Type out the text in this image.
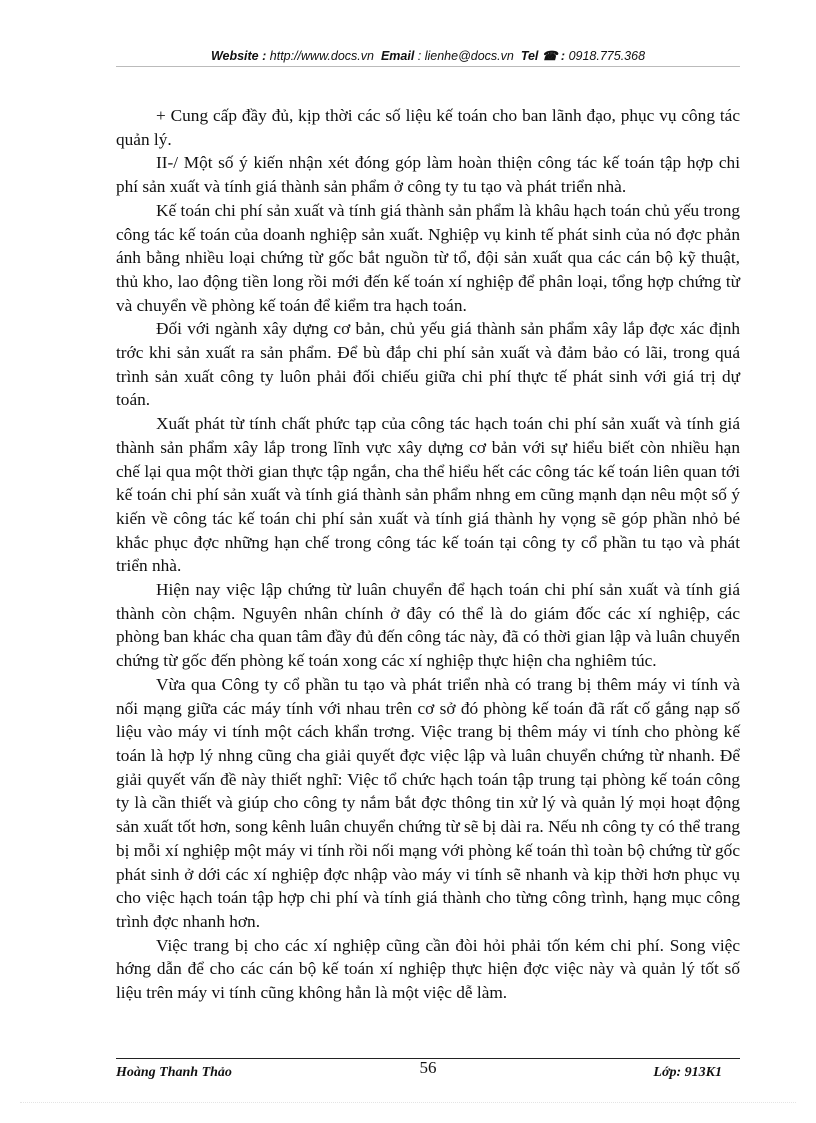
Website : http://www.docs.vn Email : lienhe@docs.vn Tel ☎ : 0918.775.368

+ Cung cấp đầy đủ, kịp thời các số liệu kế toán cho ban lãnh đạo, phục vụ công tác quản lý.

II-/ Một số ý kiến nhận xét đóng góp làm hoàn thiện công tác kế toán tập hợp chi phí sản xuất và tính giá thành sản phẩm ở công ty tu tạo và phát triển nhà.

Kế toán chi phí sản xuất và tính giá thành sản phẩm là khâu hạch toán chủ yếu trong công tác kế toán của doanh nghiệp sản xuất. Nghiệp vụ kinh tế phát sinh của nó đợc phản ánh bằng nhiều loại chứng từ gốc bắt nguồn từ tổ, đội sản xuất qua các cán bộ kỹ thuật, thủ kho, lao động tiền long rồi mới đến kế toán xí nghiệp để phân loại, tổng hợp chứng từ và chuyển về phòng kế toán để kiểm tra hạch toán.

Đối với ngành xây dựng cơ bản, chủ yếu giá thành sản phẩm xây lắp đợc xác định trớc khi sản xuất ra sản phẩm. Để bù đắp chi phí sản xuất và đảm bảo có lãi, trong quá trình sản xuất công ty luôn phải đối chiếu giữa chi phí thực tế phát sinh với giá trị dự toán.

Xuất phát từ tính chất phức tạp của công tác hạch toán chi phí sản xuất và tính giá thành sản phẩm xây lắp trong lĩnh vực xây dựng cơ bản với sự hiểu biết còn nhiều hạn chế lại qua một thời gian thực tập ngắn, cha thể hiểu hết các công tác kế toán liên quan tới kế toán chi phí sản xuất và tính giá thành sản phẩm nhng em cũng mạnh dạn nêu một số ý kiến về công tác kế toán chi phí sản xuất và tính giá thành hy vọng sẽ góp phần nhỏ bé khắc phục đợc những hạn chế trong công tác kế toán tại công ty cổ phần tu tạo và phát triển nhà.

Hiện nay việc lập chứng từ luân chuyển để hạch toán chi phí sản xuất và tính giá thành còn chậm. Nguyên nhân chính ở đây có thể là do giám đốc các xí nghiệp, các phòng ban khác cha quan tâm đầy đủ đến công tác này, đã có thời gian lập và luân chuyển chứng từ gốc đến phòng kế toán xong các xí nghiệp thực hiện cha nghiêm túc.

Vừa qua Công ty cổ phần tu tạo và phát triển nhà có trang bị thêm máy vi tính và nối mạng giữa các máy tính với nhau trên cơ sở đó phòng kế toán đã rất cố gắng nạp số liệu vào máy vi tính một cách khẩn trơng. Việc trang bị thêm máy vi tính cho phòng kế toán là hợp lý nhng cũng cha giải quyết đợc việc lập và luân chuyển chứng từ nhanh. Để giải quyết vấn đề này thiết nghĩ: Việc tổ chức hạch toán tập trung tại phòng kế toán công ty là cần thiết và giúp cho công ty nắm bắt đợc thông tin xử lý và quản lý mọi hoạt động sản xuất tốt hơn, song kênh luân chuyển chứng từ sẽ bị dài ra. Nếu nh công ty có thể trang bị mỗi xí nghiệp một máy vi tính rồi nối mạng với phòng kế toán thì toàn bộ chứng từ gốc phát sinh ở dới các xí nghiệp đợc nhập vào máy vi tính sẽ nhanh và kịp thời hơn phục vụ cho việc hạch toán tập hợp chi phí và tính giá thành cho từng công trình, hạng mục công trình đợc nhanh hơn.

Việc trang bị cho các xí nghiệp cũng cần đòi hỏi phải tốn kém chi phí. Song việc hớng dẫn để cho các cán bộ kế toán xí nghiệp thực hiện đợc việc này và quản lý tốt số liệu trên máy vi tính cũng không hẳn là một việc dễ làm.

Hoàng Thanh Thảo	56	Lớp: 913K1
